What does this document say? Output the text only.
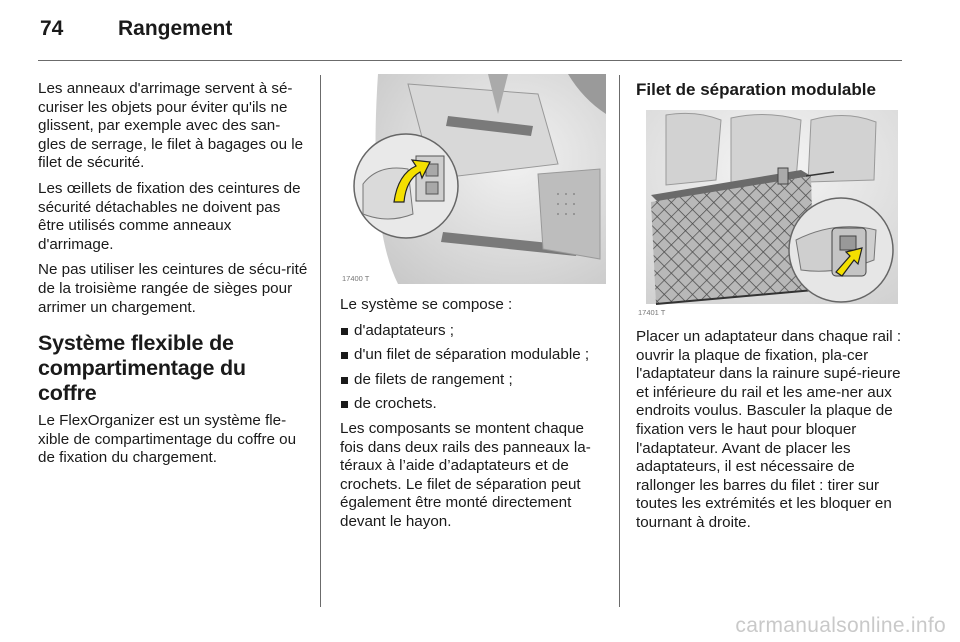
74	Rangement

Les anneaux d'arrimage servent à sé-curiser les objets pour éviter qu'ils ne glissent, par exemple avec des san-gles de serrage, le filet à bagages ou le filet de sécurité.

Les œillets de fixation des ceintures de sécurité détachables ne doivent pas être utilisés comme anneaux d'arrimage.

Ne pas utiliser les ceintures de sécu-rité de la troisième rangée de sièges pour arrimer un chargement.

Système flexible de compartimentage du coffre

Le FlexOrganizer est un système fle-xible de compartimentage du coffre ou de fixation du chargement.

17400 T

Le système se compose :

d'adaptateurs ;
d'un filet de séparation modulable ;
de filets de rangement ;
de crochets.

Les composants se montent chaque fois dans deux rails des panneaux la-téraux à l’aide d’adaptateurs et de crochets. Le filet de séparation peut également être monté directement devant le hayon.

Filet de séparation modulable
17401 T

Placer un adaptateur dans chaque rail : ouvrir la plaque de fixation, pla-cer l'adaptateur dans la rainure supé-rieure et inférieure du rail et les ame-ner aux endroits voulus. Basculer la plaque de fixation vers le haut pour bloquer l'adaptateur. Avant de placer les adaptateurs, il est nécessaire de rallonger les barres du filet : tirer sur toutes les extrémités et les bloquer en tournant à droite.

carmanualsonline.info
